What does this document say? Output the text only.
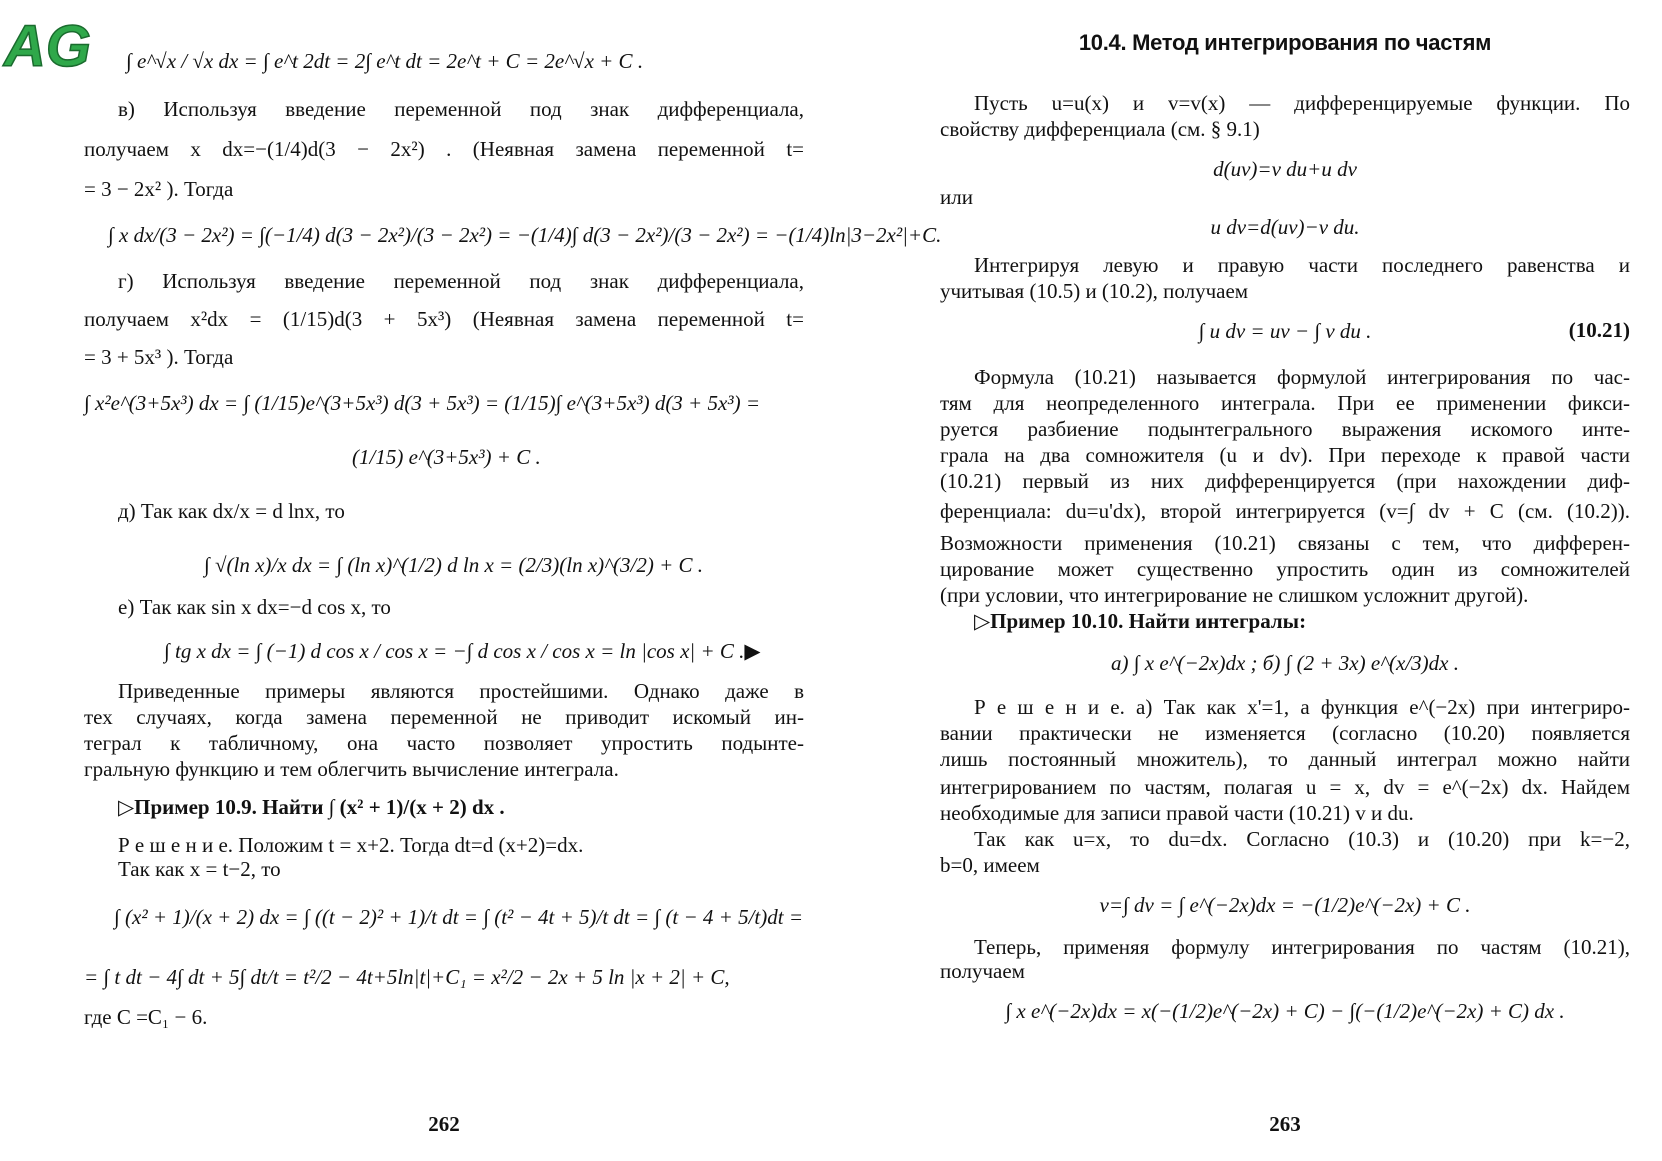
AG ∫ e^√x / √x dx = ∫ e^t 2dt = 2∫ e^t dt = 2e^t + C = 2e^√x + C .
в) Используя введение переменной под знак дифференциала,
получаем x dx=−(1/4)d(3 − 2x²) . (Неявная замена переменной t=
= 3 − 2x² ). Тогда
∫ x dx/(3 − 2x²) = ∫(−1/4) d(3 − 2x²)/(3 − 2x²) = −(1/4)∫ d(3 − 2x²)/(3 − 2x²) = −(1/4)ln|3−2x²|+C.
г) Используя введение переменной под знак дифференциала,
получаем x²dx = (1/15)d(3 + 5x³) (Неявная замена переменной t=
= 3 + 5x³ ). Тогда
∫ x²e^(3+5x³) dx = ∫ (1/15)e^(3+5x³) d(3 + 5x³) = (1/15)∫ e^(3+5x³) d(3 + 5x³) =
(1/15) e^(3+5x³) + C .
д) Так как dx/x = d lnx, то
∫ √(ln x)/x dx = ∫ (ln x)^(1/2) d ln x = (2/3)(ln x)^(3/2) + C .
е) Так как sin x dx=−d cos x, то
∫ tg x dx = ∫ (−1) d cos x / cos x = −∫ d cos x / cos x = ln |cos x| + C .▶
Приведенные примеры являются простейшими. Однако даже в
тех случаях, когда замена переменной не приводит искомый ин-
теграл к табличному, она часто позволяет упростить подынте-
гральную функцию и тем облегчить вычисление интеграла.
▷Пример 10.9. Найти ∫ (x² + 1)/(x + 2) dx .
Р е ш е н и е. Положим t = x+2. Тогда dt=d (x+2)=dx.
Так как x = t−2, то
∫ (x² + 1)/(x + 2) dx = ∫ ((t − 2)² + 1)/t dt = ∫ (t² − 4t + 5)/t dt = ∫ (t − 4 + 5/t)dt =
= ∫ t dt − 4∫ dt + 5∫ dt/t = t²/2 − 4t+5ln|t|+C₁ = x²/2 − 2x + 5 ln |x + 2| + C,
где C =C₁ − 6.
262
10.4. Метод интегрирования по частям
Пусть u=u(x) и v=v(x) — дифференцируемые функции. По
свойству дифференциала (см. § 9.1)
d(uv)=v du+u dv
или
u dv=d(uv)−v du.
Интегрируя левую и правую части последнего равенства и
учитывая (10.5) и (10.2), получаем
∫ u dv = uv − ∫ v du .	(10.21)
Формула (10.21) называется формулой интегрирования по час-
тям для неопределенного интеграла. При ее применении фикси-
руется разбиение подынтегрального выражения искомого инте-
грала на два сомножителя (u и dv). При переходе к правой части
(10.21) первый из них дифференцируется (при нахождении диф-
ференциала: du=u'dx), второй интегрируется (v=∫ dv + C (см. (10.2)).
Возможности применения (10.21) связаны с тем, что дифферен-
цирование может существенно упростить один из сомножителей
(при условии, что интегрирование не слишком усложнит другой).
▷Пример 10.10. Найти интегралы:
а) ∫ x e^(−2x)dx ; б) ∫ (2 + 3x) e^(x/3)dx .
Р е ш е н и е. а) Так как x'=1, а функция e^(−2x) при интегриро-
вании практически не изменяется (согласно (10.20) появляется
лишь постоянный множитель), то данный интеграл можно найти
интегрированием по частям, полагая u = x, dv = e^(−2x) dx. Найдем
необходимые для записи правой части (10.21) v и du.
Так как u=x, то du=dx. Согласно (10.3) и (10.20) при k=−2,
b=0, имеем
v=∫ dv = ∫ e^(−2x)dx = −(1/2)e^(−2x) + C .
Теперь, применяя формулу интегрирования по частям (10.21),
получаем
∫ x e^(−2x)dx = x(−(1/2)e^(−2x) + C) − ∫(−(1/2)e^(−2x) + C) dx .
263
